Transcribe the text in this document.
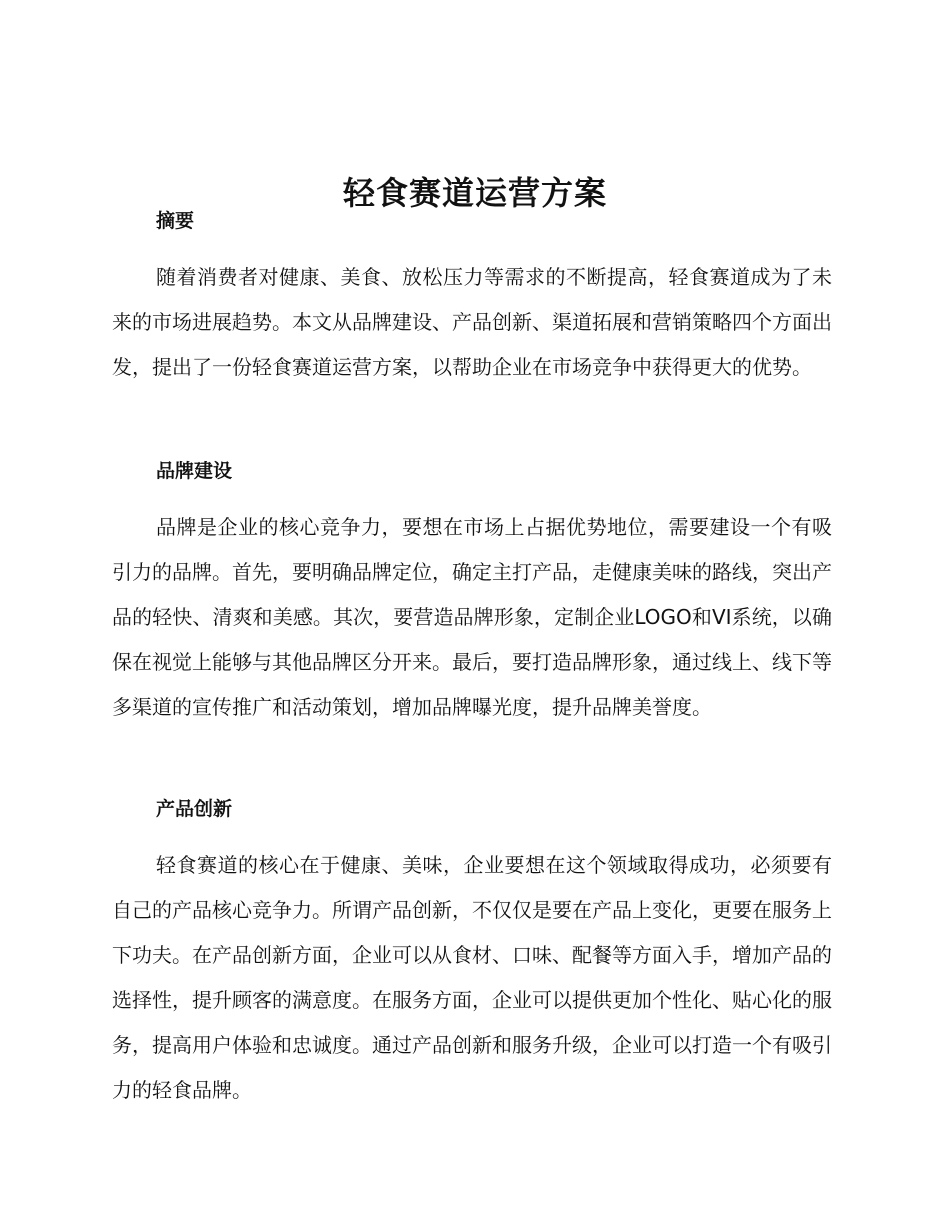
轻食赛道运营方案
摘要

随着消费者对健康、美食、放松压力等需求的不断提高，轻食赛道成为了未来的市场进展趋势。本文从品牌建设、产品创新、渠道拓展和营销策略四个方面出发，提出了一份轻食赛道运营方案，以帮助企业在市场竞争中获得更大的优势。

品牌建设

品牌是企业的核心竞争力，要想在市场上占据优势地位，需要建设一个有吸引力的品牌。首先，要明确品牌定位，确定主打产品，走健康美味的路线，突出产品的轻快、清爽和美感。其次，要营造品牌形象，定制企业LOGO和VI系统，以确保在视觉上能够与其他品牌区分开来。最后，要打造品牌形象，通过线上、线下等多渠道的宣传推广和活动策划，增加品牌曝光度，提升品牌美誉度。

产品创新

轻食赛道的核心在于健康、美味，企业要想在这个领域取得成功，必须要有自己的产品核心竞争力。所谓产品创新，不仅仅是要在产品上变化，更要在服务上下功夫。在产品创新方面，企业可以从食材、口味、配餐等方面入手，增加产品的选择性，提升顾客的满意度。在服务方面，企业可以提供更加个性化、贴心化的服务，提高用户体验和忠诚度。通过产品创新和服务升级，企业可以打造一个有吸引力的轻食品牌。
